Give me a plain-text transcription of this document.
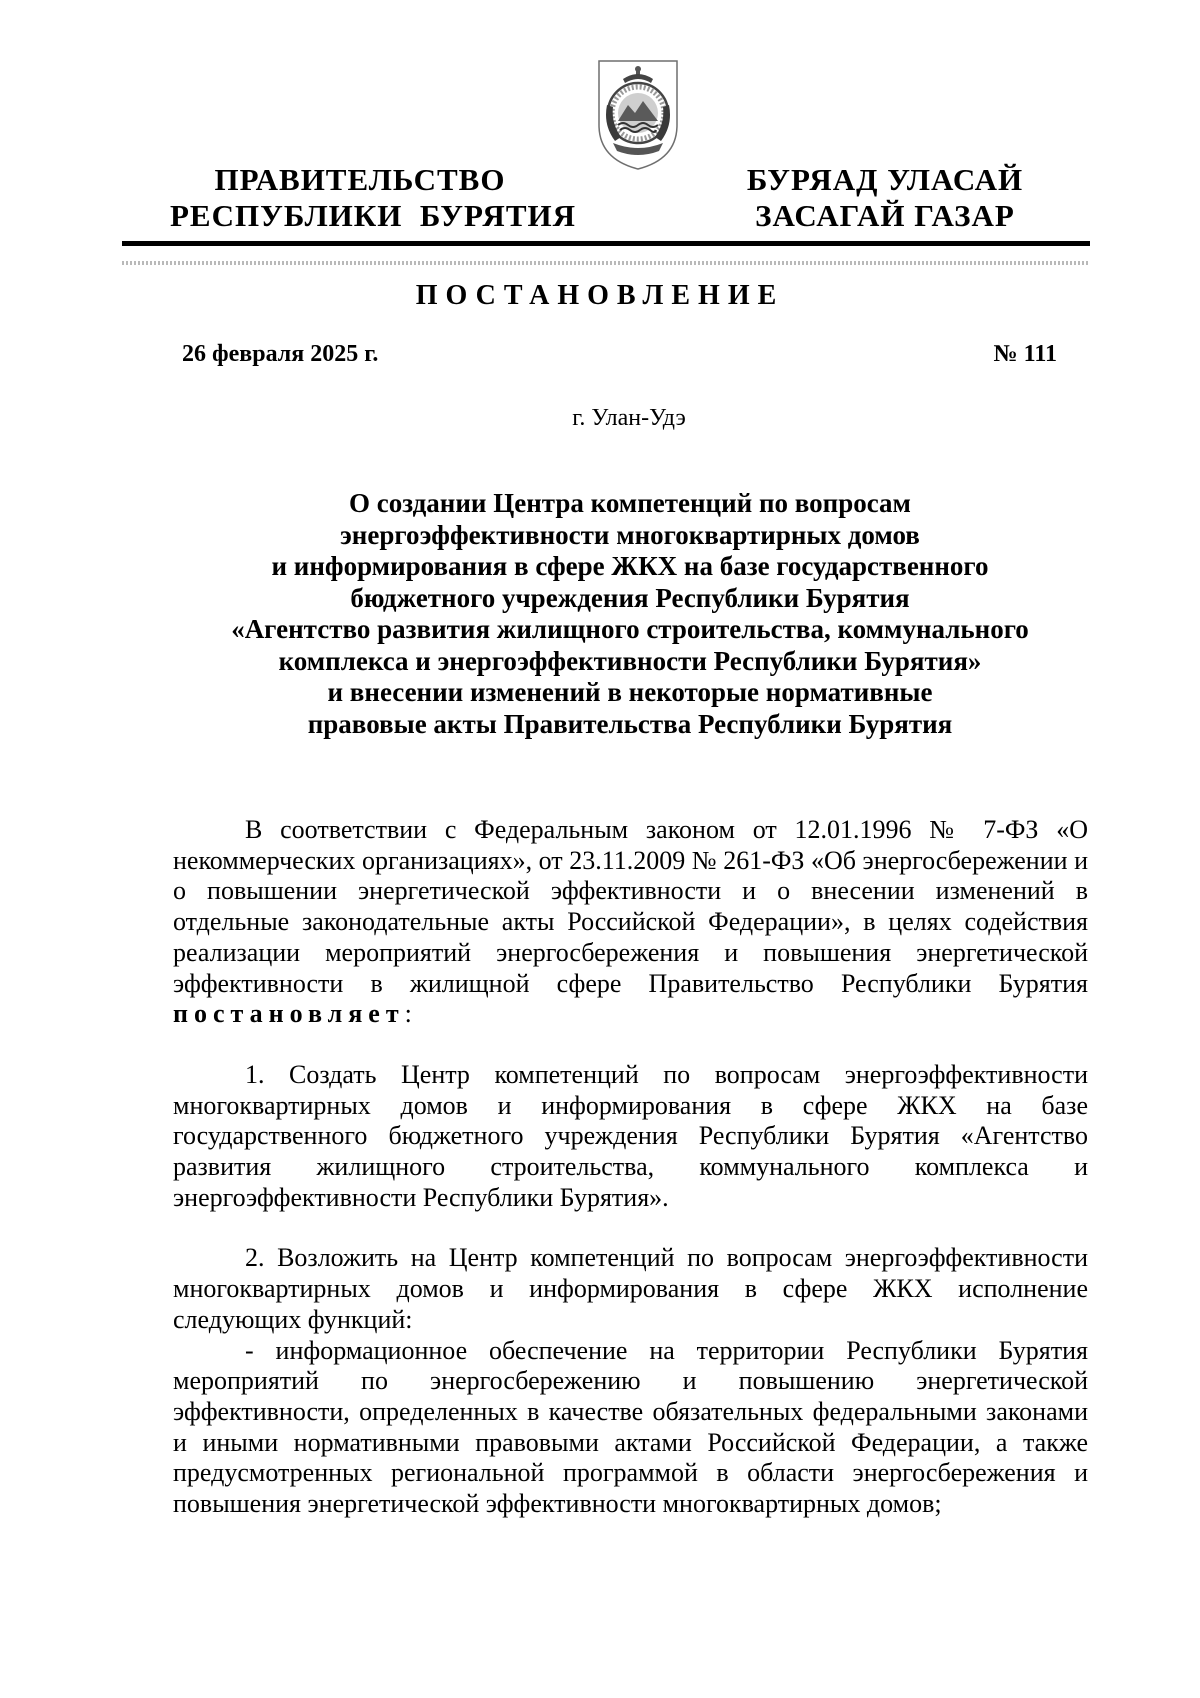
ПРАВИТЕЛЬСТВО
РЕСПУБЛИКИ  БУРЯТИЯ
БУРЯАД УЛАСАЙ
ЗАСАГАЙ ГАЗАР
ПОСТАНОВЛЕНИЕ
26 февраля 2025 г.	№ 111
г. Улан-Удэ
О создании Центра компетенций по вопросам
энергоэффективности многоквартирных домов
и информирования в сфере ЖКХ на базе государственного
бюджетного учреждения Республики Бурятия
«Агентство развития жилищного строительства, коммунального
комплекса и энергоэффективности Республики Бурятия»
и внесении изменений в некоторые нормативные
правовые акты Правительства Республики Бурятия

В соответствии с Федеральным законом от 12.01.1996 № 7-ФЗ «О некоммерческих организациях», от 23.11.2009 № 261-ФЗ «Об энергосбережении и о повышении энергетической эффективности и о внесении изменений в отдельные законодательные акты Российской Федерации», в целях содействия реализации мероприятий энергосбережения и повышения энергетической эффективности в жилищной сфере Правительство Республики Бурятия постановляет:

1. Создать Центр компетенций по вопросам энергоэффективности многоквартирных домов и информирования в сфере ЖКХ на базе государственного бюджетного учреждения Республики Бурятия «Агентство развития жилищного строительства, коммунального комплекса и энергоэффективности Республики Бурятия».

2. Возложить на Центр компетенций по вопросам энергоэффективности многоквартирных домов и информирования в сфере ЖКХ исполнение следующих функций:

- информационное обеспечение на территории Республики Бурятия мероприятий по энергосбережению и повышению энергетической эффективности, определенных в качестве обязательных федеральными законами и иными нормативными правовыми актами Российской Федерации, а также предусмотренных региональной программой в области энергосбережения и повышения энергетической эффективности многоквартирных домов;
